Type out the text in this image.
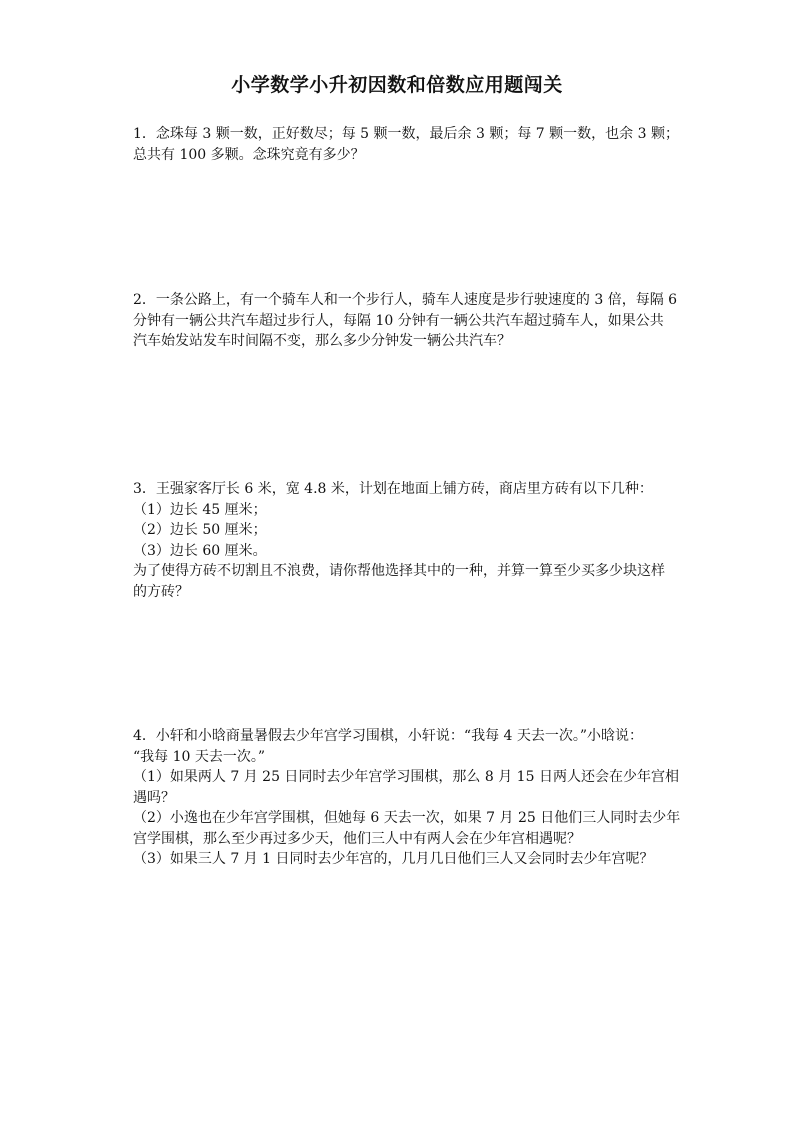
小学数学小升初因数和倍数应用题闯关
1．念珠每 3 颗一数，正好数尽；每 5 颗一数，最后余 3 颗；每 7 颗一数，也余 3 颗；
总共有 100 多颗。念珠究竟有多少？
2．一条公路上，有一个骑车人和一个步行人，骑车人速度是步行驶速度的 3 倍，每隔 6
分钟有一辆公共汽车超过步行人，每隔 10 分钟有一辆公共汽车超过骑车人，如果公共
汽车始发站发车时间隔不变，那么多少分钟发一辆公共汽车？
3．王强家客厅长 6 米，宽 4.8 米，计划在地面上铺方砖，商店里方砖有以下几种：
（1）边长 45 厘米；
（2）边长 50 厘米；
（3）边长 60 厘米。
为了使得方砖不切割且不浪费，请你帮他选择其中的一种，并算一算至少买多少块这样
的方砖？
4．小轩和小晗商量暑假去少年宫学习围棋，小轩说：“我每 4 天去一次。”小晗说：
“我每 10 天去一次。”
（1）如果两人 7 月 25 日同时去少年宫学习围棋，那么 8 月 15 日两人还会在少年宫相
遇吗？
（2）小逸也在少年宫学围棋，但她每 6 天去一次，如果 7 月 25 日他们三人同时去少年
宫学围棋，那么至少再过多少天，他们三人中有两人会在少年宫相遇呢？
（3）如果三人 7 月 1 日同时去少年宫的，几月几日他们三人又会同时去少年宫呢？
